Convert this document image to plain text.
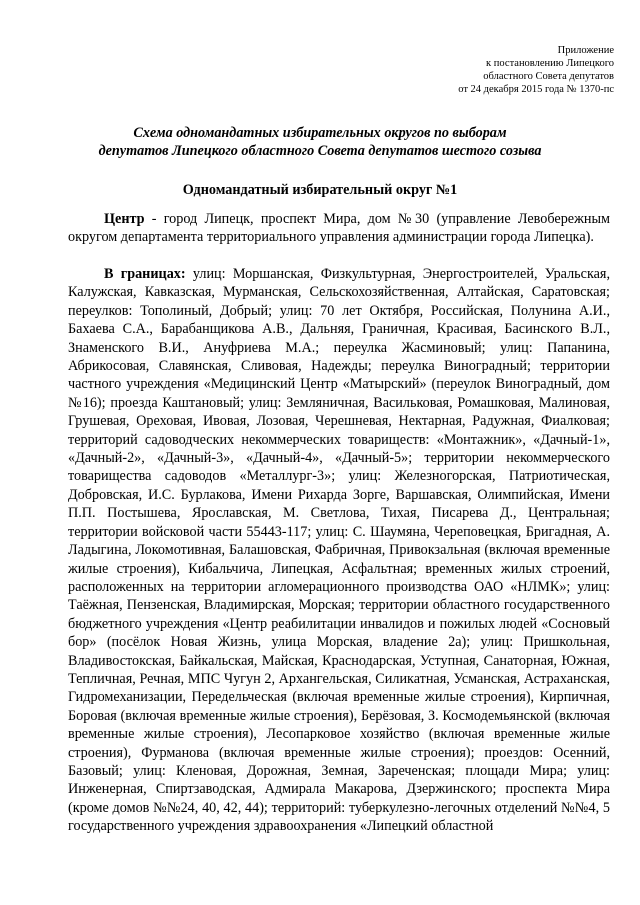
Приложение
к постановлению Липецкого
областного Совета депутатов
от 24 декабря 2015 года № 1370-пс
Схема одномандатных избирательных округов по выборам
депутатов Липецкого областного Совета депутатов шестого созыва
Одномандатный избирательный округ №1

Центр - город Липецк, проспект Мира, дом №30 (управление Левобережным округом департамента территориального управления администрации города Липецка).

В границах: улиц: Моршанская, Физкультурная, Энергостроителей, Уральская, Калужская, Кавказская, Мурманская, Сельскохозяйственная, Алтайская, Саратовская; переулков: Тополиный, Добрый; улиц: 70 лет Октября, Российская, Полунина А.И., Бахаева С.А., Барабанщикова А.В., Дальняя, Граничная, Красивая, Басинского В.Л., Знаменского В.И., Ануфриева М.А.; переулка Жасминовый; улиц: Папанина, Абрикосовая, Славянская, Сливовая, Надежды; переулка Виноградный; территории частного учреждения «Медицинский Центр «Матырский» (переулок Виноградный, дом №16); проезда Каштановый; улиц: Земляничная, Васильковая, Ромашковая, Малиновая, Грушевая, Ореховая, Ивовая, Лозовая, Черешневая, Нектарная, Радужная, Фиалковая; территорий садоводческих некоммерческих товариществ: «Монтажник», «Дачный-1», «Дачный-2», «Дачный-3», «Дачный-4», «Дачный-5»; территории некоммерческого товарищества садоводов «Металлург-3»; улиц: Железногорская, Патриотическая, Добровская, И.С. Бурлакова, Имени Рихарда Зорге, Варшавская, Олимпийская, Имени П.П. Постышева, Ярославская, М. Светлова, Тихая, Писарева Д., Центральная; территории войсковой части 55443-117; улиц: С. Шаумяна, Череповецкая, Бригадная, А. Ладыгина, Локомотивная, Балашовская, Фабричная, Привокзальная (включая временные жилые строения), Кибальчича, Липецкая, Асфальтная; временных жилых строений, расположенных на территории агломерационного производства ОАО «НЛМК»; улиц: Таёжная, Пензенская, Владимирская, Морская; территории областного государственного бюджетного учреждения «Центр реабилитации инвалидов и пожилых людей «Сосновый бор» (посёлок Новая Жизнь, улица Морская, владение 2а); улиц: Пришкольная, Владивостокская, Байкальская, Майская, Краснодарская, Уступная, Санаторная, Южная, Тепличная, Речная, МПС Чугун 2, Архангельская, Силикатная, Усманская, Астраханская, Гидромеханизации, Передельческая (включая временные жилые строения), Кирпичная, Боровая (включая временные жилые строения), Берёзовая, З. Космодемьянской (включая временные жилые строения), Лесопарковое хозяйство (включая временные жилые строения), Фурманова (включая временные жилые строения); проездов: Осенний, Базовый; улиц: Кленовая, Дорожная, Земная, Зареченская; площади Мира; улиц: Инженерная, Спиртзаводская, Адмирала Макарова, Дзержинского; проспекта Мира (кроме домов №№24, 40, 42, 44); территорий: туберкулезно-легочных отделений №№4, 5 государственного учреждения здравоохранения «Липецкий областной
